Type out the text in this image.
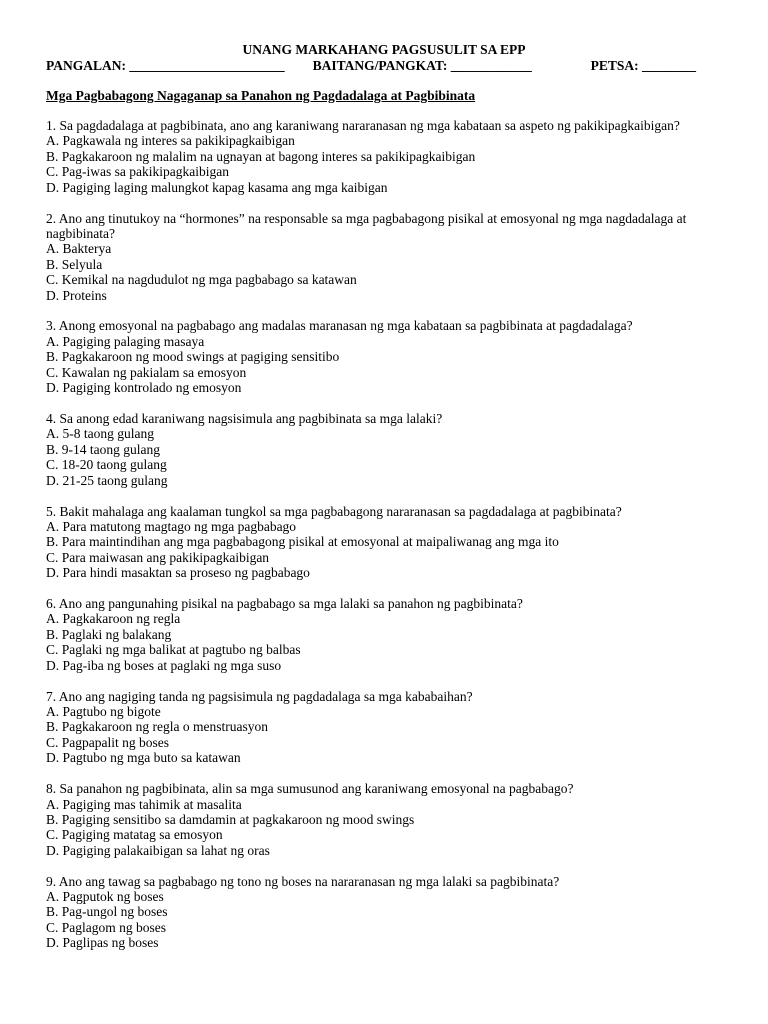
UNANG MARKAHANG PAGSUSULIT SA EPP
PANGALAN: _______________________ BAITANG/PANGKAT: ____________	PETSA: ________
Mga Pagbabagong Nagaganap sa Panahon ng Pagdadalaga at Pagbibinata

1. Sa pagdadalaga at pagbibinata, ano ang karaniwang nararanasan ng mga kabataan sa aspeto ng pakikipagkaibigan?

A. Pagkawala ng interes sa pakikipagkaibigan

B. Pagkakaroon ng malalim na ugnayan at bagong interes sa pakikipagkaibigan

C. Pag-iwas sa pakikipagkaibigan

D. Pagiging laging malungkot kapag kasama ang mga kaibigan

2. Ano ang tinutukoy na “hormones” na responsable sa mga pagbabagong pisikal at emosyonal ng mga nagdadalaga at nagbibinata?

A. Bakterya

B. Selyula

C. Kemikal na nagdudulot ng mga pagbabago sa katawan

D. Proteins

3. Anong emosyonal na pagbabago ang madalas maranasan ng mga kabataan sa pagbibinata at pagdadalaga?

A. Pagiging palaging masaya

B. Pagkakaroon ng mood swings at pagiging sensitibo

C. Kawalan ng pakialam sa emosyon

D. Pagiging kontrolado ng emosyon

4. Sa anong edad karaniwang nagsisimula ang pagbibinata sa mga lalaki?

A. 5-8 taong gulang

B. 9-14 taong gulang

C. 18-20 taong gulang

D. 21-25 taong gulang

5. Bakit mahalaga ang kaalaman tungkol sa mga pagbabagong nararanasan sa pagdadalaga at pagbibinata?

A. Para matutong magtago ng mga pagbabago

B. Para maintindihan ang mga pagbabagong pisikal at emosyonal at maipaliwanag ang mga ito

C. Para maiwasan ang pakikipagkaibigan

D. Para hindi masaktan sa proseso ng pagbabago

6. Ano ang pangunahing pisikal na pagbabago sa mga lalaki sa panahon ng pagbibinata?

A. Pagkakaroon ng regla

B. Paglaki ng balakang

C. Paglaki ng mga balikat at pagtubo ng balbas

D. Pag-iba ng boses at paglaki ng mga suso

7. Ano ang nagiging tanda ng pagsisimula ng pagdadalaga sa mga kababaihan?

A. Pagtubo ng bigote

B. Pagkakaroon ng regla o menstruasyon

C. Pagpapalit ng boses

D. Pagtubo ng mga buto sa katawan

8. Sa panahon ng pagbibinata, alin sa mga sumusunod ang karaniwang emosyonal na pagbabago?

A. Pagiging mas tahimik at masalita

B. Pagiging sensitibo sa damdamin at pagkakaroon ng mood swings

C. Pagiging matatag sa emosyon

D. Pagiging palakaibigan sa lahat ng oras

9. Ano ang tawag sa pagbabago ng tono ng boses na nararanasan ng mga lalaki sa pagbibinata?

A. Pagputok ng boses

B. Pag-ungol ng boses

C. Paglagom ng boses

D. Paglipas ng boses
